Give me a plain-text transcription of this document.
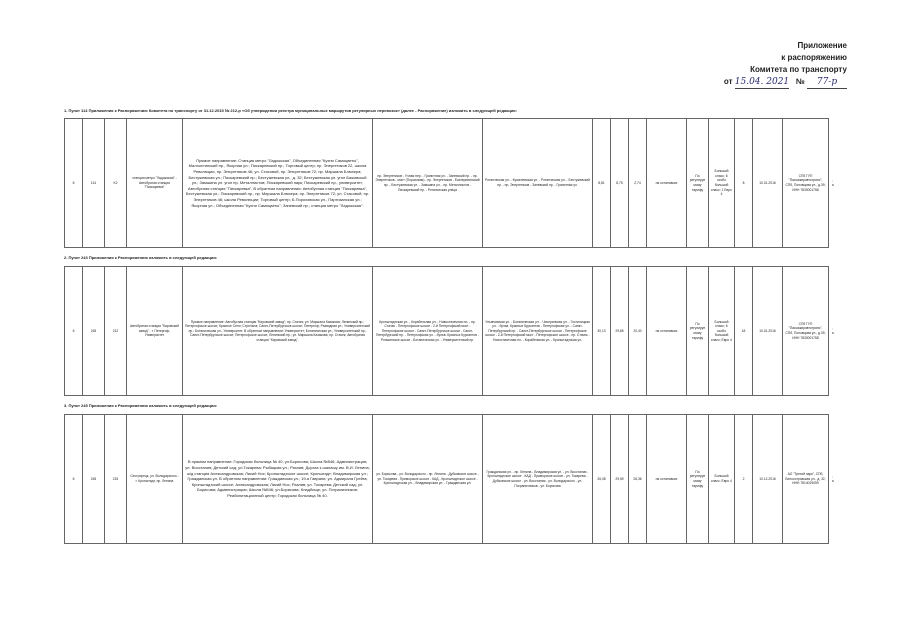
Приложение
к распоряжению
Комитета по транспорту
от 15.04. 2021 № 77-р
1. Пункт 114 Приложения к Распоряжению Комитета по транспорту от 31.12.2015 № 212-р «Об утверждении реестра муниципальных маршрутов регулярных перевозок» (далее - Распоряжение) изложить в следующей редакции:
6	114	K2	станция метро "Ладожская" - Автобусная станция "Пискаревка"	Прямое направление: Станция метро "Ладожская", Объединенная "Кухни Самоцветы", Малоохтинский пр., Якорная ул.; Пискаревский пр.; Торговый центр; пр. Энергетиков 22, школа Революции, пр. Энергетиков 46; ул. Стасовой, пр. Энергетиков 72; пр. Маршала Блюхера; Бестужевская ул.; Пискаревский пр.; Бестужевская ул., д. 32; Бестужевская ул. угол Бажовской ул.; Замшина ул. угол пр. Металлистов; Пискаревский парк; Пискаревский пр., университет; Автобусная станция "Пискаревка". В обратном направлении: Автобусная станция "Пискаревка", Бестужевская ул.; Пискаревский пр., пр. Маршала Блюхера; пр. Энергетиков 72; ул. Стасовой; пр. Энергетиков 46; школа Революции; Торговый центр; Б.Пороховская ул., Партизанская ул.; Якорная ул.; Объединенная "Кухни Самоцветы"; Заневский пр.; станция метро "Ладожская".	пр. Энергетиков - Учная пер. - Гранитная ул. - Заневский пр. - пр. Энергетиков - мост (Пороховая) - пр. Энергетиков - Екатерининский пр. - Бестужевская ул. - Замшина ул. - пр. Металлистов - Пискаревский пр. - Ротанческая улица	Ротанческая ул. - Кушелевская ул. - Ротанческая ул. - Бестужевский пр. - пр. Энергетиков - Заневский пр. - Гранитная ул.	8,81	8,75	2,74	на остановках	По регулируемому тарифу	Большой класс; 6 особо большой класс; 1 Евро 4	8	10.01.2016	СПб ГУП "Пассажиравтотранс", СПб, Половцова ул., д.39, ИНН 7830001758	, а
2. Пункт 243 Приложения к Распоряжению изложить в следующей редакции:
6	245	212	Автобусная станция "Кировский завод" - г. Петергоф, Университет	Прямое направление: Автобусная станция "Кировский завод"; пр. Стачек; ул. Маршала Казакова; Ленинский пр.; Петергофское шоссе; Красное Село; Стрельна; Санкт-Петербургское шоссе; Петергоф; Разводная ул.; Университетский пр.; Ботаническая ул.; Университет. В обратном направлении: Университет; Ботаническая ул.; Университетский пр.; Санкт-Петербургское шоссе; Петергофское шоссе; Ленинский пр.; ул. Маршала Казакова; пр. Стачек; Автобусная станция "Кировский завод".	Кронштадтская ул. - Корабельная ул. - Новостачечная пл. - пр. Стачек - Петергофское шоссе - 2-й Петергофский мост - Петергофское шоссе - Санкт-Петербургское шоссе - Санкт-Петербургский пр. - Петергофская ул. - бульв. Красных Курсантов - Ропшинское шоссе - Ботаническая ул. - Университетский пр.	Ульяновская ул. - Ботаническая ул. - Чичеринская ул. - Гостилицкая ул. - бульв. Красных Курсантов - Петергофская ул. - Санкт-Петербургский пр. - Санкт-Петербургское шоссе - Петергофское шоссе - 2-й Петергофский мост - Петергофское шоссе - пр. Стачек - Новостачечная пл. - Корабельная ул. - Кронштадтская ул.	30,13	29,85	20,40	на остановках	По регулируемому тарифу	Большой класс; 6 особо большой класс; Евро 4	18	10.01.2016	СПб ГУП "Пассажиравтотранс", СПб, Половцова ул., д.39, ИНН 7830001758	, а
3. Пункт 245 Приложения к Распоряжению изложить в следующей редакции:
6	245	215	Сестрорецк, ул. Володарского - г. Кронштадт, пр. Ленина	В прямом направлении: Городская больница № 40; ул.Борисова; Школа №546; Администрация; ул. Восстания; Детский сад; ул.Токарева; Рыбацкая ул.; Разлив; Дорога к шалашу им. В.И. Ленина; ж/д станция Александровская; Лисий Нос; Кронштадтское шоссе; Кронштадт; Владимирская ул.; Гражданская ул. В обратном направлении: Гражданская ул.; 19-я Гаврани; ул. Адмирала Грейга; Кронштадтский шоссе; Александровская; Лисий Нос; Разлив; ул. Токарева; Детский сад; ул. Борисова; Администрация; Школа №546; ул.Борисова; Кладбище; ул. Пограничников; Реабилитационный центр; Городская больница № 40.	ул. Борисова - ул. Володарского - пр. Ленина - Дубковское шоссе - ул. Токарева - Приморское шоссе - КАД - Кронштадтское шоссе - Кронштадтская ул. - Владимирская ул. - Гражданская ул.	Гражданская ул. - пр. Ленина - Владимирская ул. - ул. Восстания - Кронштадтское шоссе - КАД - Приморское шоссе - ул. Токарева - Дубковское шоссе - ул. Восстания - ул. Володарского - ул. Пограничников - ул. Борисова	26,08	29,59	26,36	на остановках	По регулируемому тарифу	Большой класс; Евро 4	2	10.12.2016	АО "Третий парк", СПб, Белоостровская ул., д. 32, ИНН 7814019059	, а
